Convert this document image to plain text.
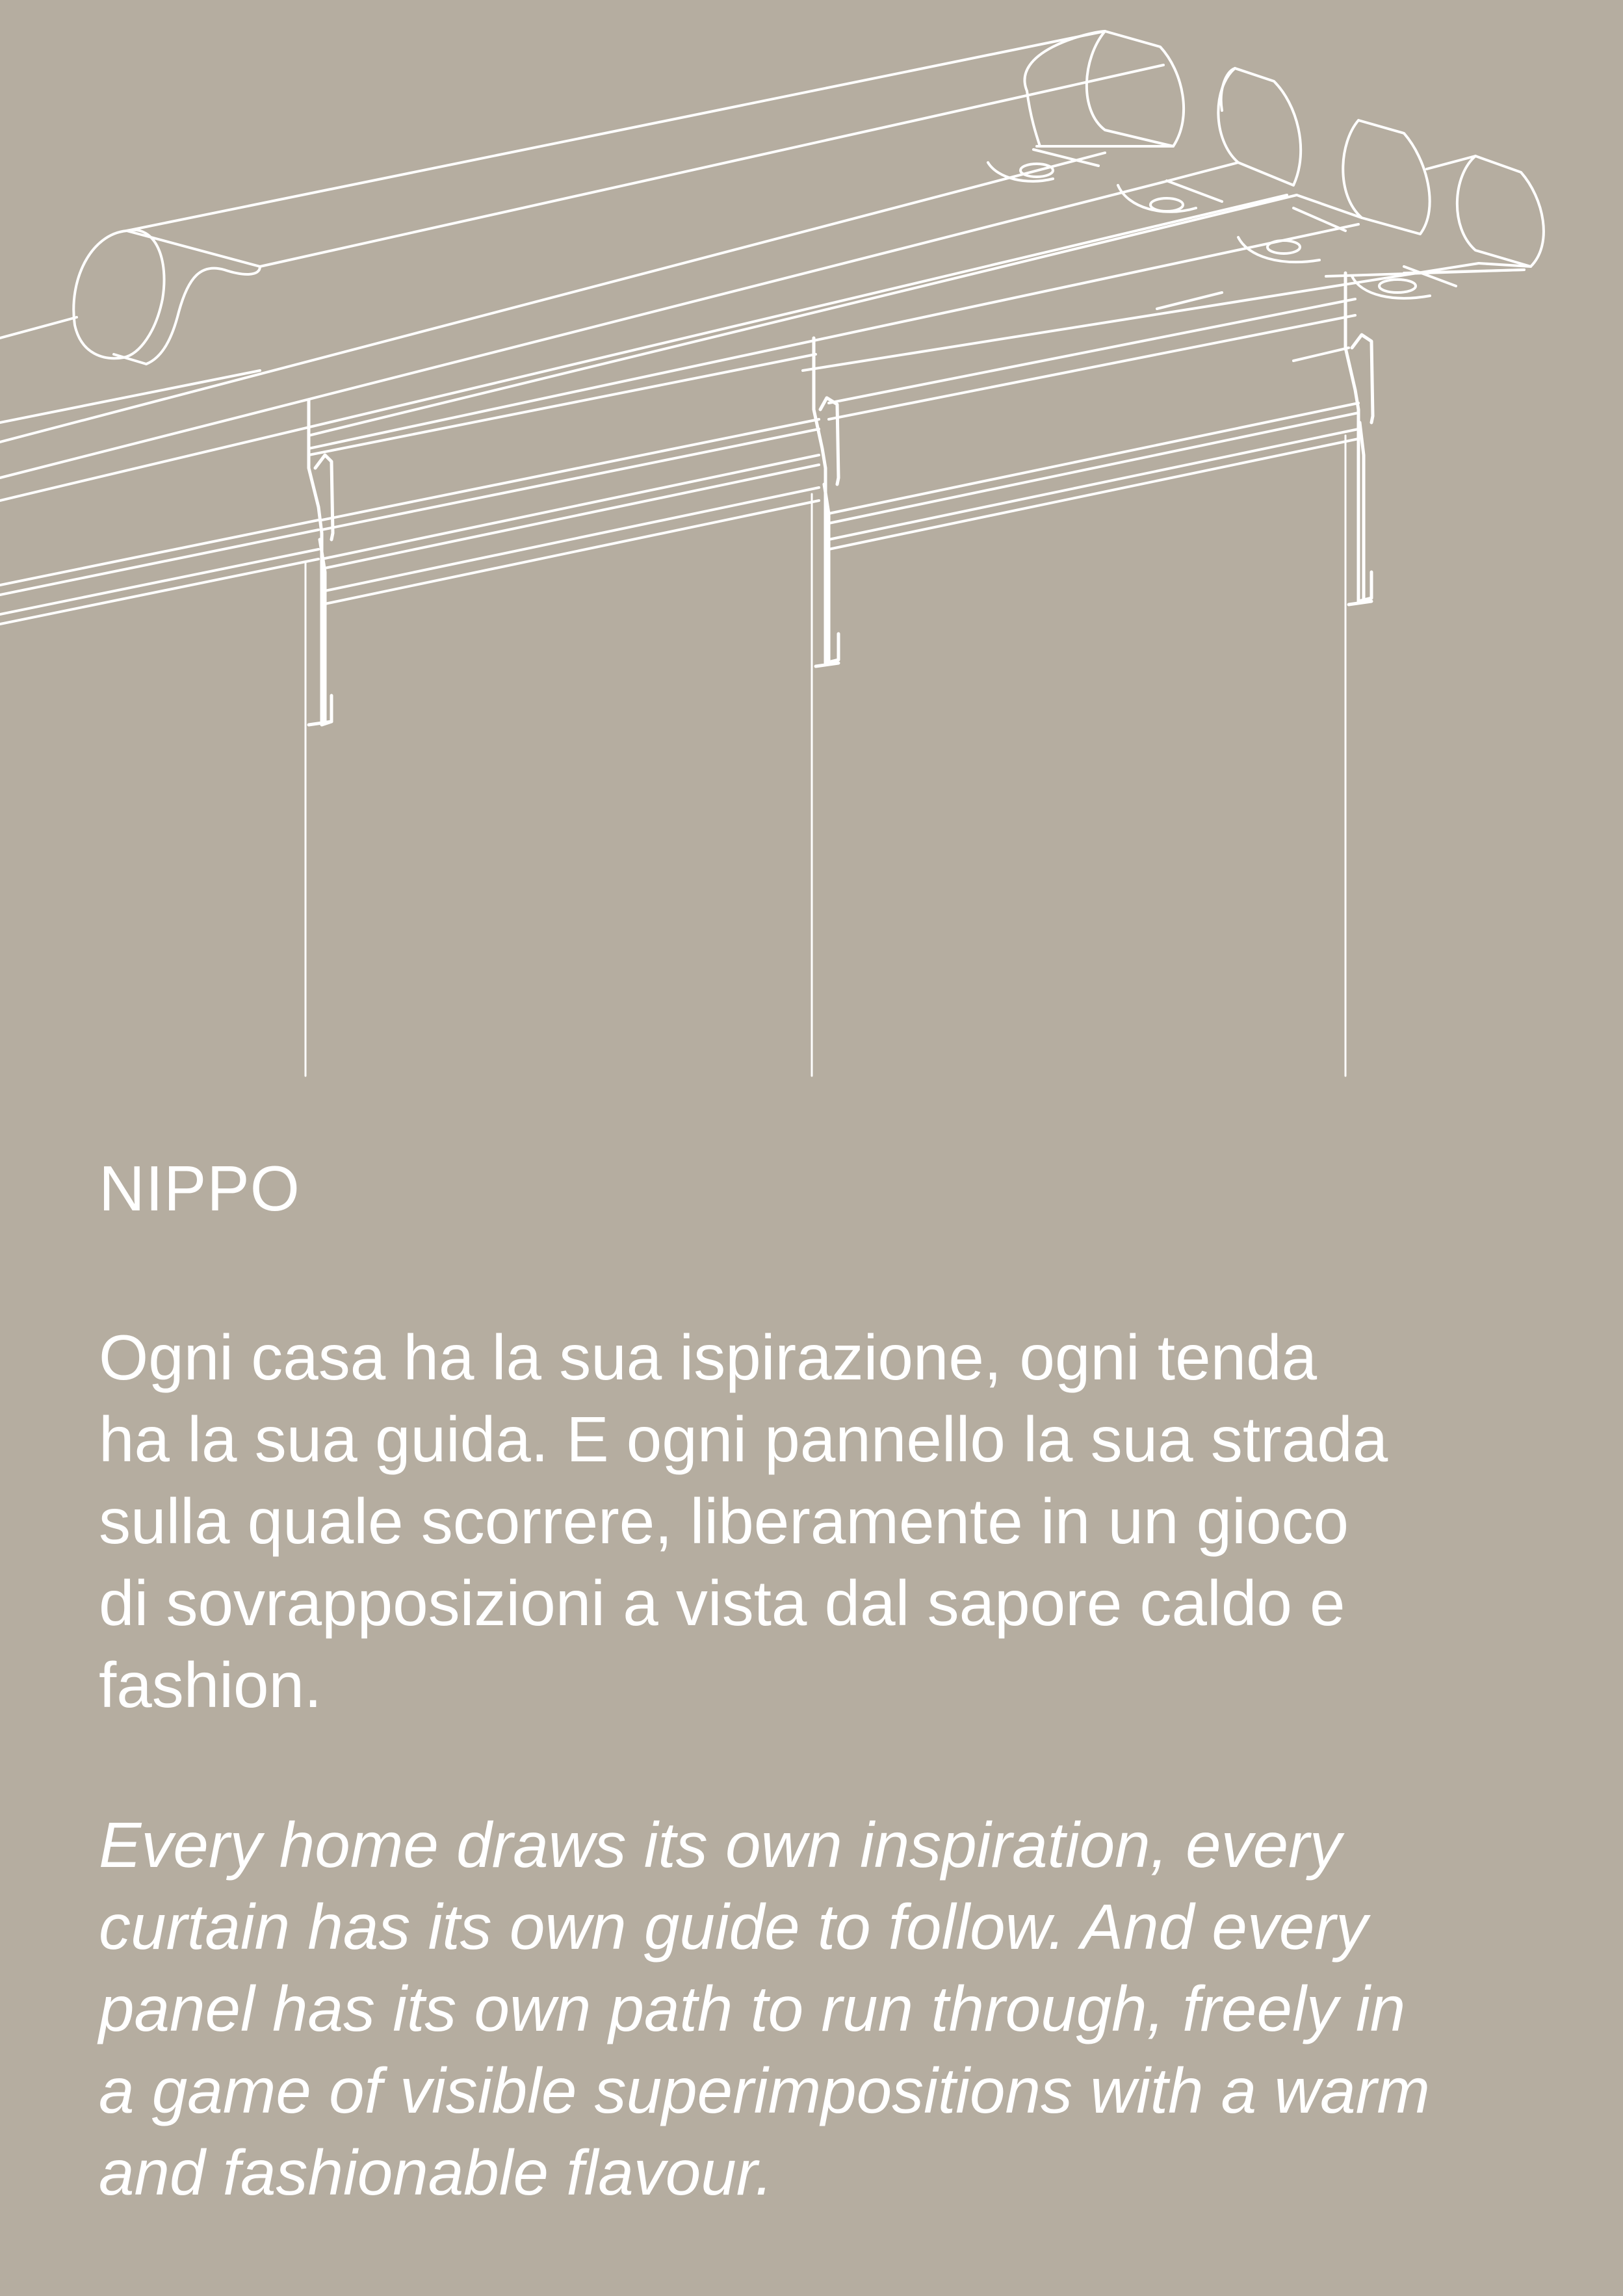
NIPPO

Ogni casa ha la sua ispirazione, ogni tenda
ha la sua guida. E ogni pannello la sua strada
sulla quale scorrere, liberamente in un gioco
di sovrapposizioni a vista dal sapore caldo e
fashion.

Every home draws its own inspiration, every
curtain has its own guide to follow. And every
panel has its own path to run through, freely in
a game of visible superimpositions with a warm
and fashionable flavour.
